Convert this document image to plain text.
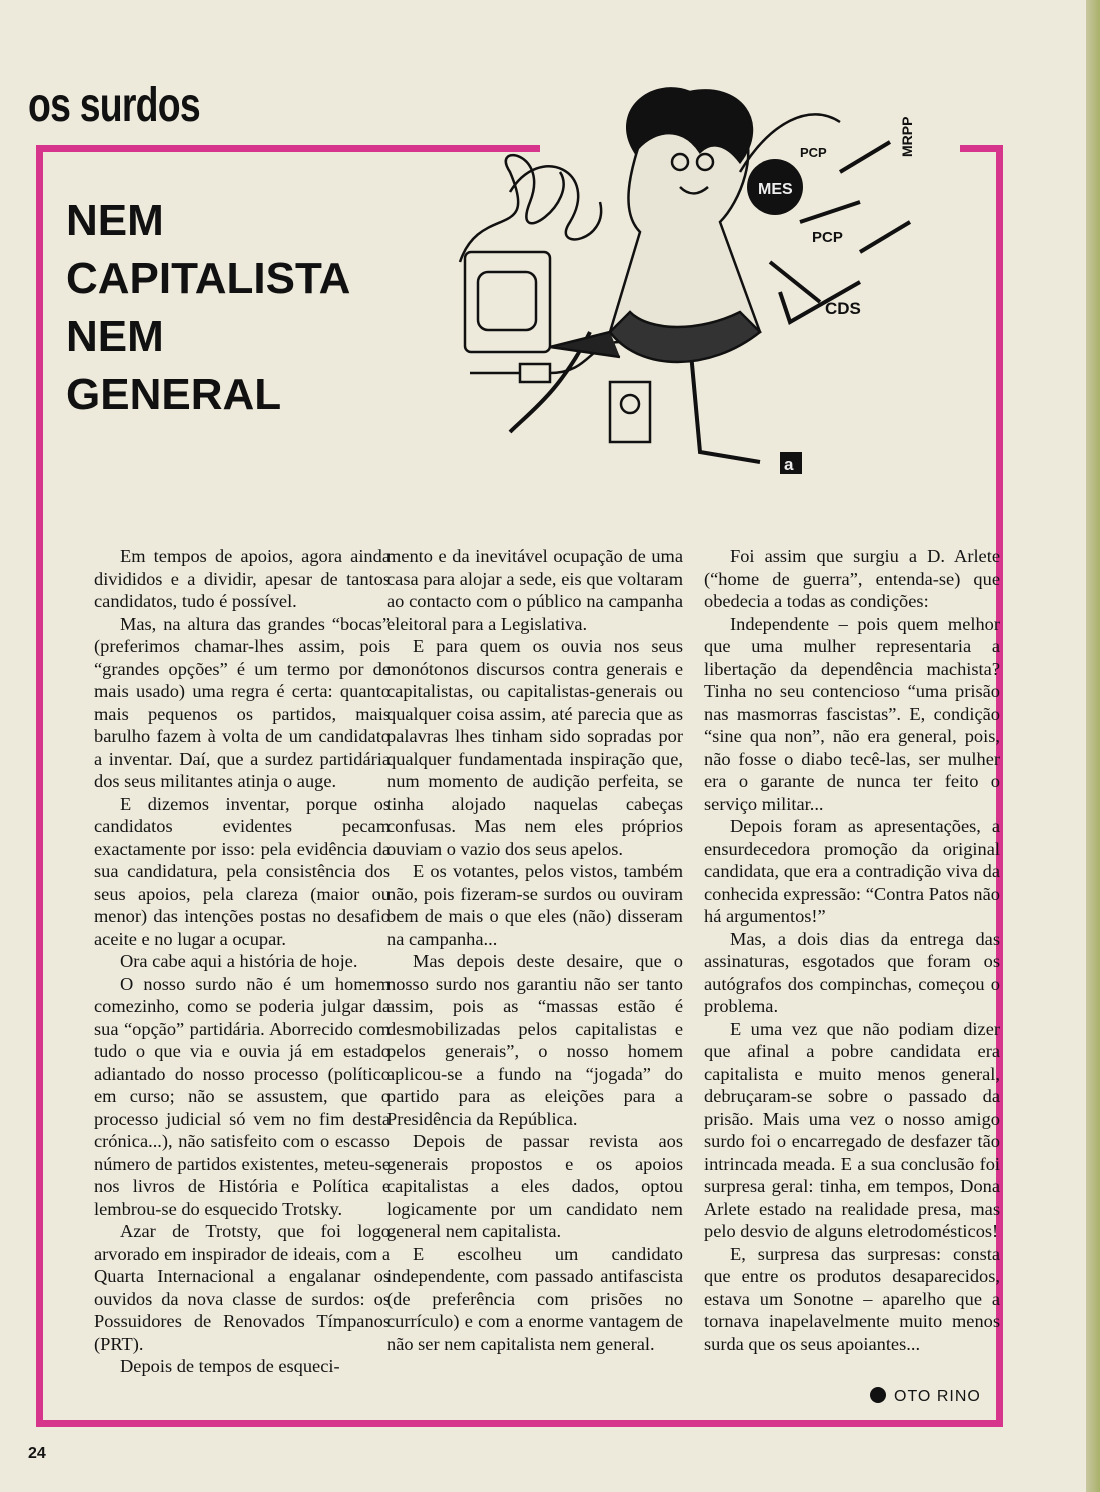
os surdos
NEM
CAPITALISTA
NEM
GENERAL
MES
PCP
PCP
CDS
MRPP
a

Em tempos de apoios, agora ainda divididos e a dividir, apesar de tantos candidatos, tudo é possível.

Mas, na altura das grandes “bocas” (preferimos chamar-lhes assim, pois “grandes opções” é um termo por de mais usado) uma regra é certa: quanto mais pequenos os partidos, mais barulho fazem à volta de um candidato a inventar. Daí, que a surdez partidária dos seus militantes atinja o auge.

E dizemos inventar, porque os candidatos evidentes pecam exactamente por isso: pela evidência da sua candidatura, pela consistência dos seus apoios, pela clareza (maior ou menor) das intenções postas no desafio aceite e no lugar a ocupar.

Ora cabe aqui a história de hoje.

O nosso surdo não é um homem comezinho, como se poderia julgar da sua “opção” partidária. Aborrecido com tudo o que via e ouvia já em estado adiantado do nosso processo (político em curso; não se assustem, que o processo judicial só vem no fim desta crónica...), não satisfeito com o escasso número de partidos existentes, meteu-se nos livros de História e Política e lembrou-se do esquecido Trotsky.

Azar de Trotsty, que foi logo arvorado em inspirador de ideais, com a Quarta Internacional a engalanar os ouvidos da nova classe de surdos: os Possuidores de Renovados Tímpanos (PRT).

Depois de tempos de esqueci-

mento e da inevitável ocupação de uma casa para alojar a sede, eis que voltaram ao contacto com o público na campanha eleitoral para a Legislativa.

E para quem os ouvia nos seus monótonos discursos contra generais e capitalistas, ou capitalistas-generais ou qualquer coisa assim, até parecia que as palavras lhes tinham sido sopradas por qualquer fundamentada inspiração que, num momento de audição perfeita, se tinha alojado naquelas cabeças confusas. Mas nem eles próprios ouviam o vazio dos seus apelos.

E os votantes, pelos vistos, também não, pois fizeram-se surdos ou ouviram bem de mais o que eles (não) disseram na campanha...

Mas depois deste desaire, que o nosso surdo nos garantiu não ser tanto assim, pois as “massas estão é desmobilizadas pelos capitalistas e pelos generais”, o nosso homem aplicou-se a fundo na “jogada” do partido para as eleições para a Presidência da República.

Depois de passar revista aos generais propostos e os apoios capitalistas a eles dados, optou logicamente por um candidato nem general nem capitalista.

E escolheu um candidato independente, com passado antifascista (de preferência com prisões no currículo) e com a enorme vantagem de não ser nem capitalista nem general.

Foi assim que surgiu a D. Arlete (“home de guerra”, entenda-se) que obedecia a todas as condições:

Independente – pois quem melhor que uma mulher representaria a libertação da dependência machista? Tinha no seu contencioso “uma prisão nas masmorras fascistas”. E, condição “sine qua non”, não era general, pois, não fosse o diabo tecê-las, ser mulher era o garante de nunca ter feito o serviço militar...

Depois foram as apresentações, a ensurdecedora promoção da original candidata, que era a contradição viva da conhecida expressão: “Contra Patos não há argumentos!”

Mas, a dois dias da entrega das assinaturas, esgotados que foram os autógrafos dos compinchas, começou o problema.

E uma vez que não podiam dizer que afinal a pobre candidata era capitalista e muito menos general, debruçaram-se sobre o passado da prisão. Mais uma vez o nosso amigo surdo foi o encarregado de desfazer tão intrincada meada. E a sua conclusão foi surpresa geral: tinha, em tempos, Dona Arlete estado na realidade presa, mas pelo desvio de alguns eletrodomésticos!

E, surpresa das surpresas: consta que entre os produtos desaparecidos, estava um Sonotne – aparelho que a tornava inapelavelmente muito menos surda que os seus apoiantes...

OTO RINO
24
